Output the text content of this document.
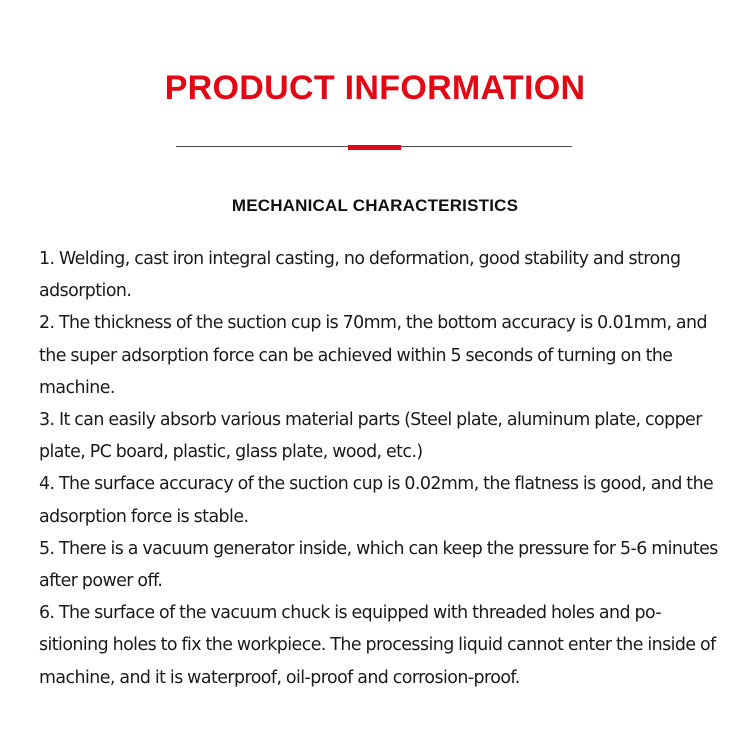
PRODUCT INFORMATION
MECHANICAL CHARACTERISTICS
1. Welding, cast iron integral casting, no deformation, good stability and strong adsorption.
2. The thickness of the suction cup is 70mm, the bottom accuracy is 0.01mm, and the super adsorption force can be achieved within 5 seconds of turning on the machine.
3. It can easily absorb various material parts (Steel plate, aluminum plate, copper plate, PC board, plastic, glass plate, wood, etc.)
4. The surface accuracy of the suction cup is 0.02mm, the flatness is good, and the adsorption force is stable.
5. There is a vacuum generator inside, which can keep the pressure for 5-6 minutes after power off.
6. The surface of the vacuum chuck is equipped with threaded holes and po- sitioning holes to fix the workpiece. The processing liquid cannot enter the inside of machine, and it is waterproof, oil-proof and corrosion-proof.
